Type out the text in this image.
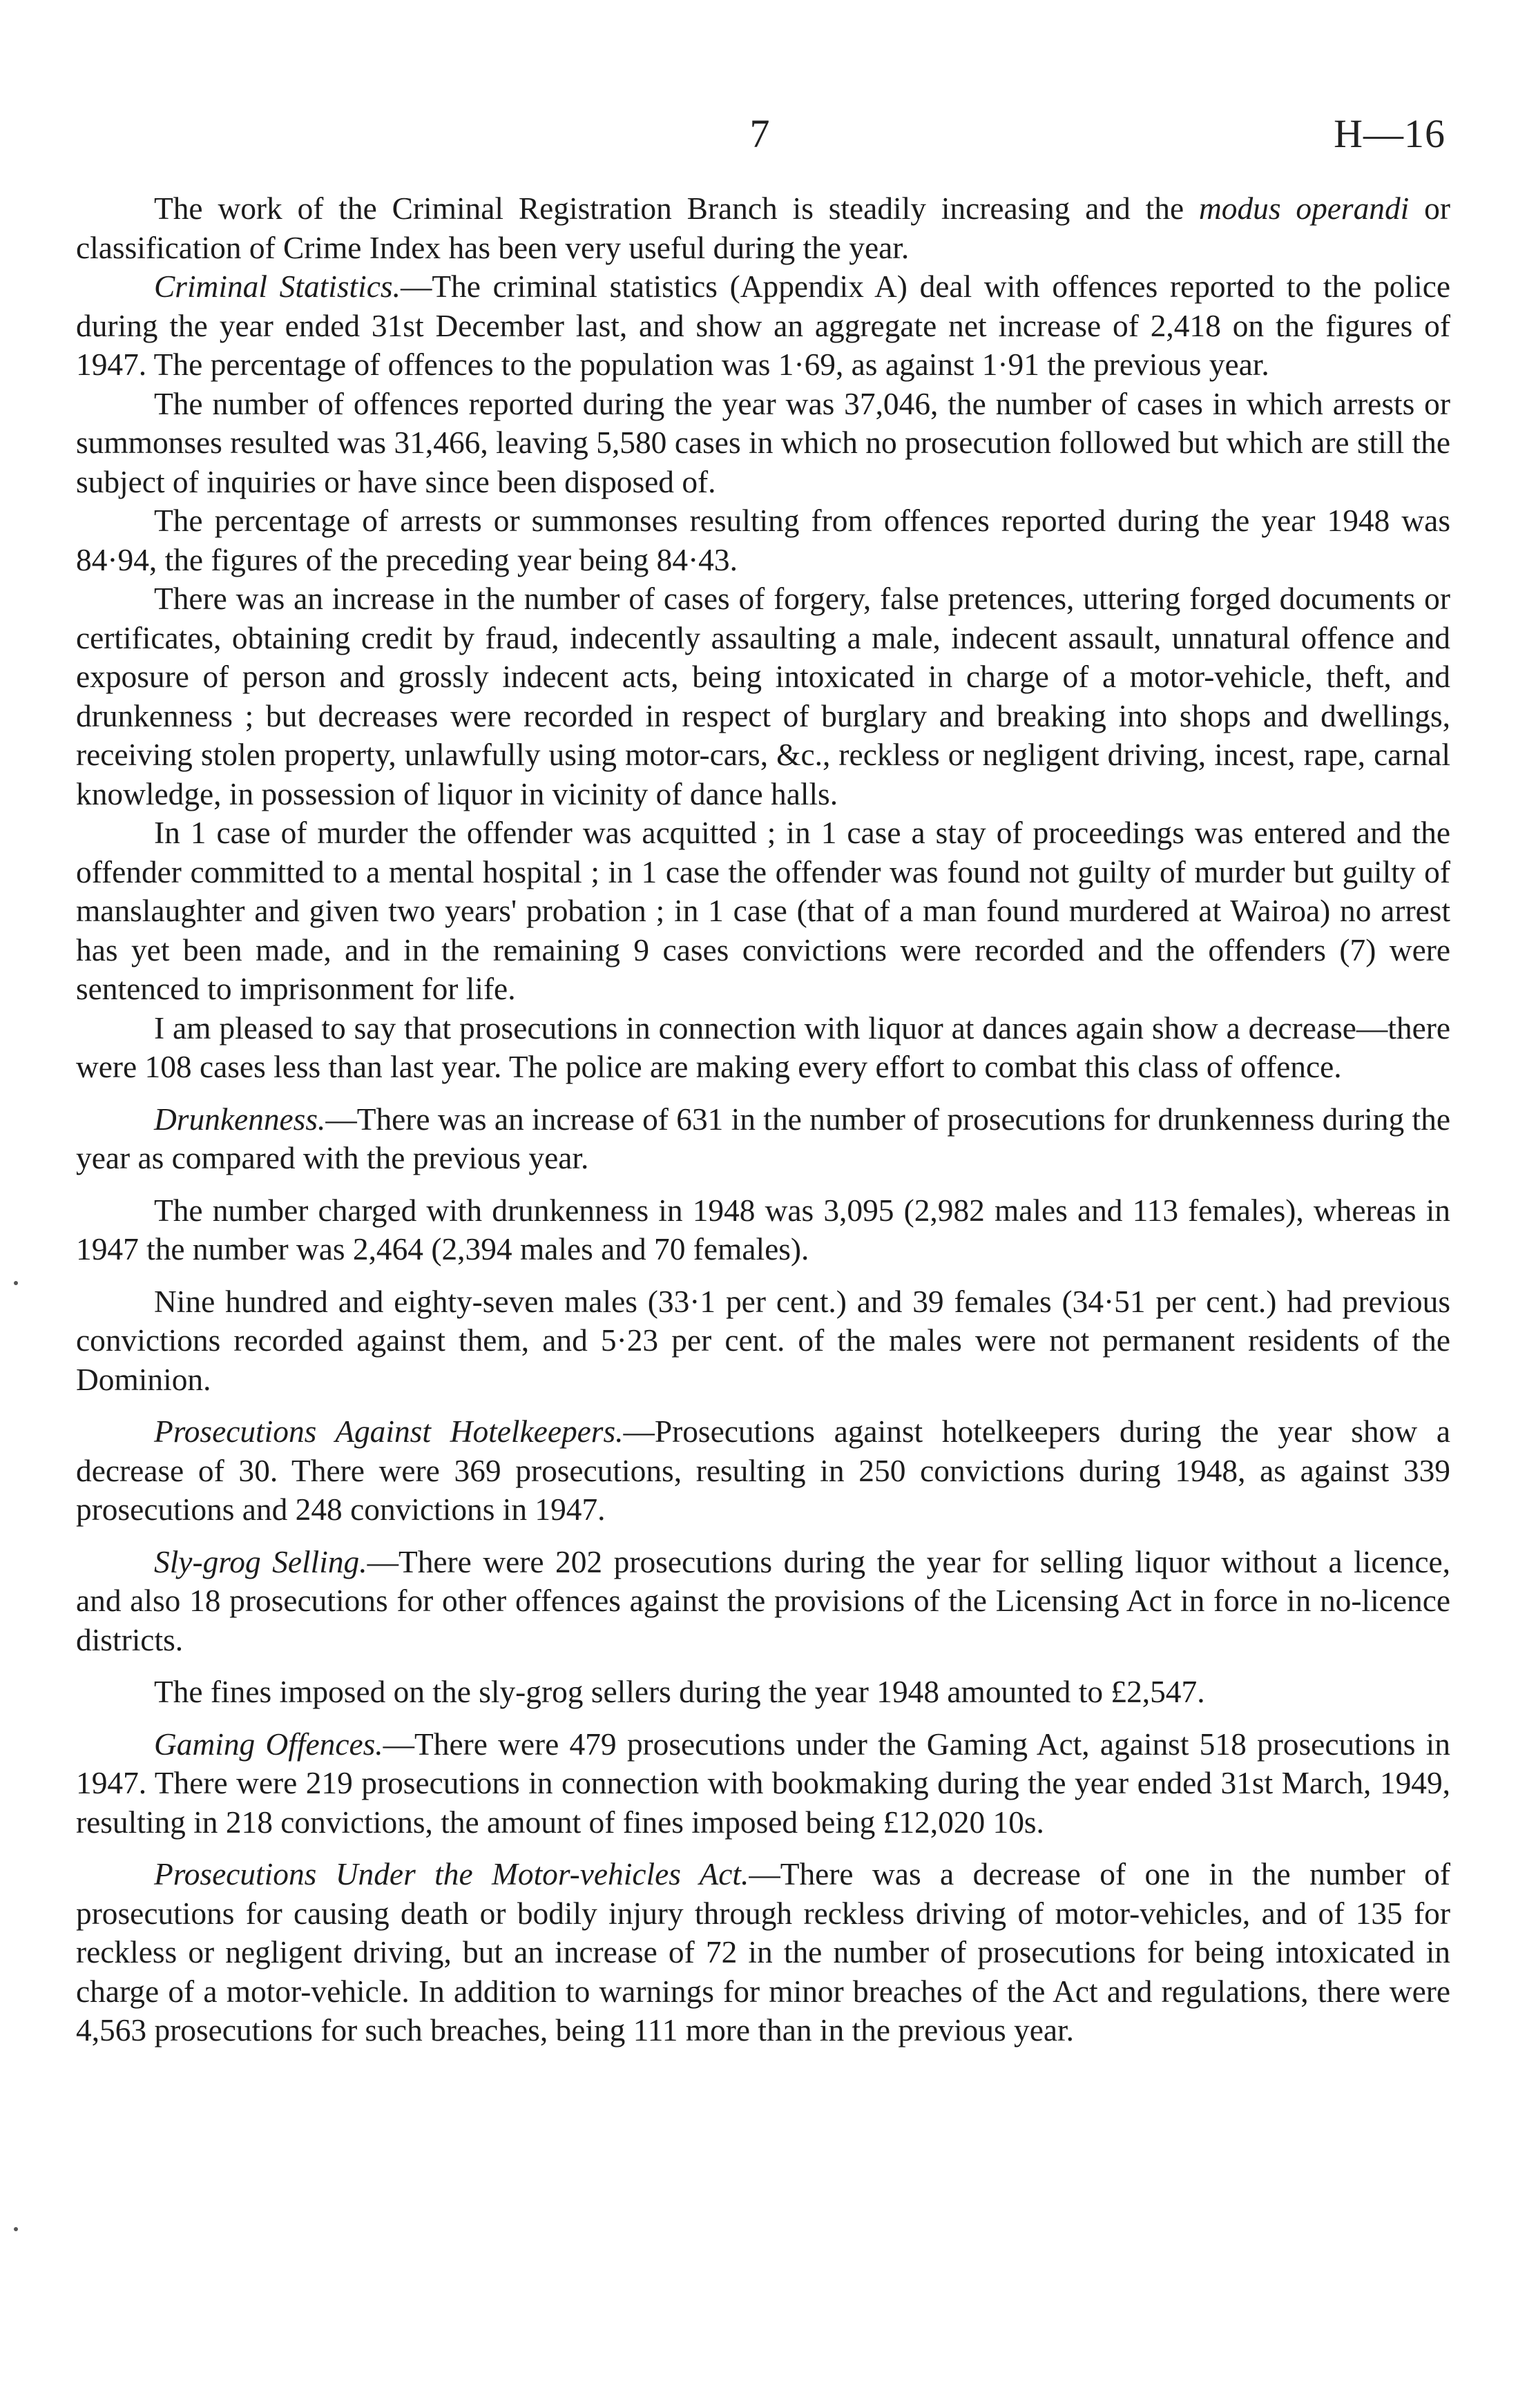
7	H—16

The work of the Criminal Registration Branch is steadily increasing and the modus operandi or classification of Crime Index has been very useful during the year.

Criminal Statistics.—The criminal statistics (Appendix A) deal with offences reported to the police during the year ended 31st December last, and show an aggregate net increase of 2,418 on the figures of 1947. The percentage of offences to the population was 1·69, as against 1·91 the previous year.

The number of offences reported during the year was 37,046, the number of cases in which arrests or summonses resulted was 31,466, leaving 5,580 cases in which no prosecution followed but which are still the subject of inquiries or have since been disposed of.

The percentage of arrests or summonses resulting from offences reported during the year 1948 was 84·94, the figures of the preceding year being 84·43.

There was an increase in the number of cases of forgery, false pretences, uttering forged documents or certificates, obtaining credit by fraud, indecently assaulting a male, indecent assault, unnatural offence and exposure of person and grossly indecent acts, being intoxicated in charge of a motor-vehicle, theft, and drunkenness ; but decreases were recorded in respect of burglary and breaking into shops and dwellings, receiving stolen property, unlawfully using motor-cars, &c., reckless or negligent driving, incest, rape, carnal knowledge, in possession of liquor in vicinity of dance halls.

In 1 case of murder the offender was acquitted ; in 1 case a stay of proceedings was entered and the offender committed to a mental hospital ; in 1 case the offender was found not guilty of murder but guilty of manslaughter and given two years' probation ; in 1 case (that of a man found murdered at Wairoa) no arrest has yet been made, and in the remaining 9 cases convictions were recorded and the offenders (7) were sentenced to imprisonment for life.

I am pleased to say that prosecutions in connection with liquor at dances again show a decrease—there were 108 cases less than last year. The police are making every effort to combat this class of offence.

Drunkenness.—There was an increase of 631 in the number of prosecutions for drunkenness during the year as compared with the previous year.

The number charged with drunkenness in 1948 was 3,095 (2,982 males and 113 females), whereas in 1947 the number was 2,464 (2,394 males and 70 females).

Nine hundred and eighty-seven males (33·1 per cent.) and 39 females (34·51 per cent.) had previous convictions recorded against them, and 5·23 per cent. of the males were not permanent residents of the Dominion.

Prosecutions Against Hotelkeepers.—Prosecutions against hotelkeepers during the year show a decrease of 30. There were 369 prosecutions, resulting in 250 convictions during 1948, as against 339 prosecutions and 248 convictions in 1947.

Sly-grog Selling.—There were 202 prosecutions during the year for selling liquor without a licence, and also 18 prosecutions for other offences against the provisions of the Licensing Act in force in no-licence districts.

The fines imposed on the sly-grog sellers during the year 1948 amounted to £2,547.

Gaming Offences.—There were 479 prosecutions under the Gaming Act, against 518 prosecutions in 1947. There were 219 prosecutions in connection with bookmaking during the year ended 31st March, 1949, resulting in 218 convictions, the amount of fines imposed being £12,020 10s.

Prosecutions Under the Motor-vehicles Act.—There was a decrease of one in the number of prosecutions for causing death or bodily injury through reckless driving of motor-vehicles, and of 135 for reckless or negligent driving, but an increase of 72 in the number of prosecutions for being intoxicated in charge of a motor-vehicle. In addition to warnings for minor breaches of the Act and regulations, there were 4,563 prosecutions for such breaches, being 111 more than in the previous year.
